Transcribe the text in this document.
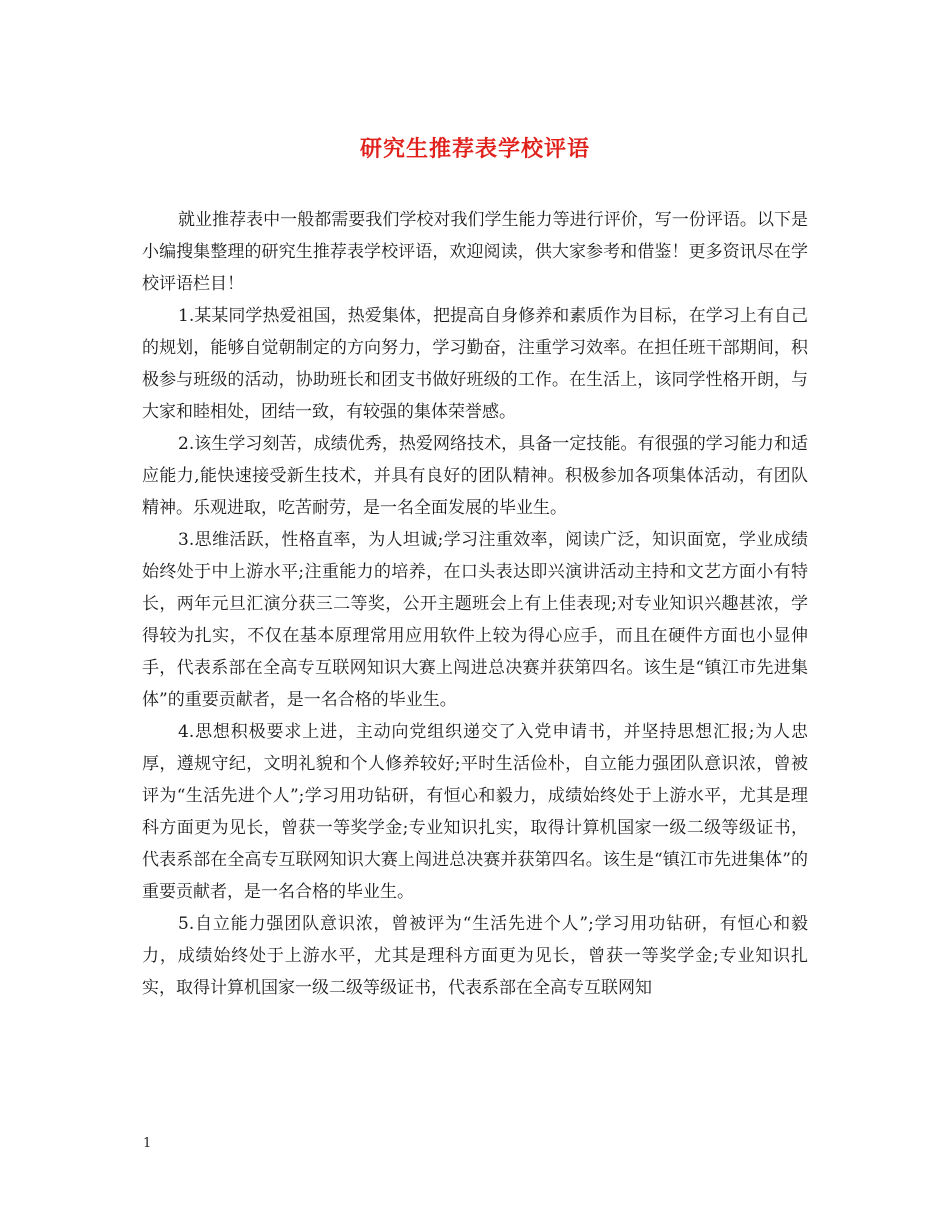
研究生推荐表学校评语

就业推荐表中一般都需要我们学校对我们学生能力等进行评价，写一份评语。以下是小编搜集整理的研究生推荐表学校评语，欢迎阅读，供大家参考和借鉴！更多资讯尽在学校评语栏目！

1.某某同学热爱祖国，热爱集体，把提高自身修养和素质作为目标，在学习上有自己的规划，能够自觉朝制定的方向努力，学习勤奋，注重学习效率。在担任班干部期间，积极参与班级的活动，协助班长和团支书做好班级的工作。在生活上，该同学性格开朗，与大家和睦相处，团结一致，有较强的集体荣誉感。

2.该生学习刻苦，成绩优秀，热爱网络技术，具备一定技能。有很强的学习能力和适应能力,能快速接受新生技术，并具有良好的团队精神。积极参加各项集体活动，有团队精神。乐观进取，吃苦耐劳，是一名全面发展的毕业生。

3.思维活跃，性格直率，为人坦诚;学习注重效率，阅读广泛，知识面宽，学业成绩始终处于中上游水平;注重能力的培养，在口头表达即兴演讲活动主持和文艺方面小有特长，两年元旦汇演分获三二等奖，公开主题班会上有上佳表现;对专业知识兴趣甚浓，学得较为扎实，不仅在基本原理常用应用软件上较为得心应手，而且在硬件方面也小显伸手，代表系部在全高专互联网知识大赛上闯进总决赛并获第四名。该生是“镇江市先进集体”的重要贡献者，是一名合格的毕业生。

4.思想积极要求上进，主动向党组织递交了入党申请书，并坚持思想汇报;为人忠厚，遵规守纪，文明礼貌和个人修养较好;平时生活俭朴，自立能力强团队意识浓，曾被评为“生活先进个人”;学习用功钻研，有恒心和毅力，成绩始终处于上游水平，尤其是理科方面更为见长，曾获一等奖学金;专业知识扎实，取得计算机国家一级二级等级证书，代表系部在全高专互联网知识大赛上闯进总决赛并获第四名。该生是“镇江市先进集体”的重要贡献者，是一名合格的毕业生。

5.自立能力强团队意识浓，曾被评为“生活先进个人”;学习用功钻研，有恒心和毅力，成绩始终处于上游水平，尤其是理科方面更为见长，曾获一等奖学金;专业知识扎实，取得计算机国家一级二级等级证书，代表系部在全高专互联网知

1
